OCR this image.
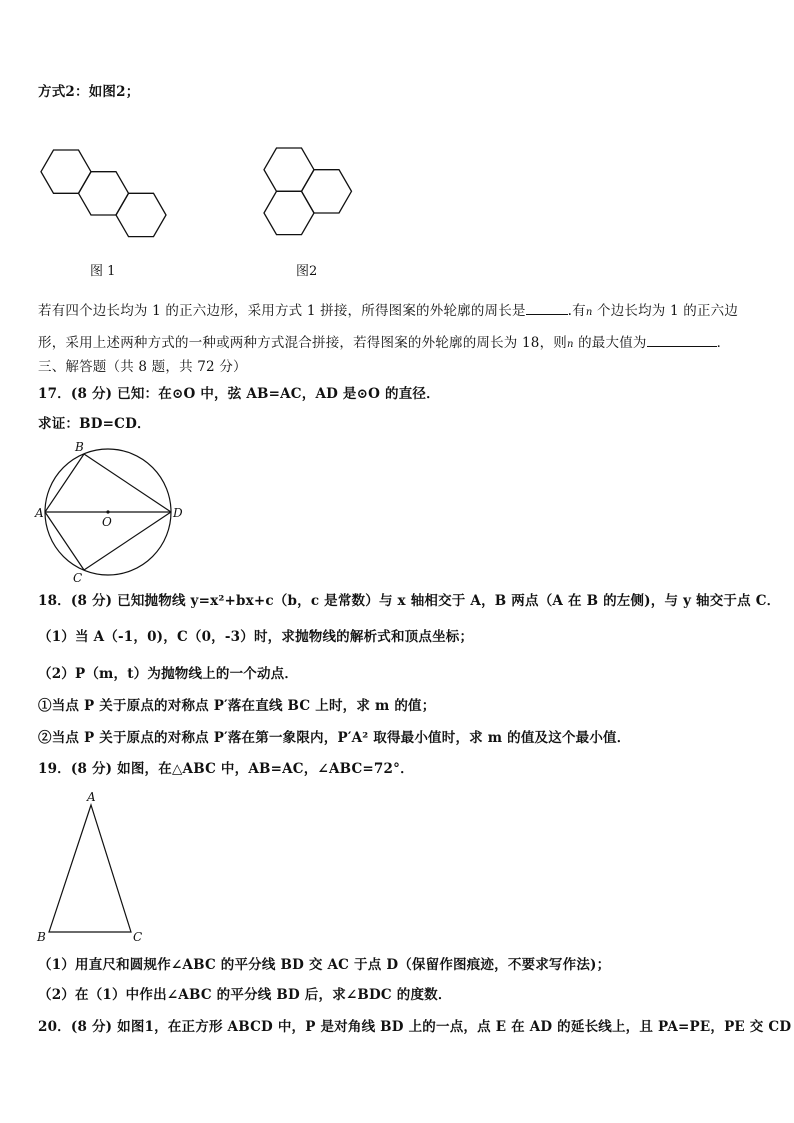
方式2：如图2；
图 1	图2
若有四个边长均为 1 的正六边形，采用方式 1 拼接，所得图案的外轮廓的周长是	.有n 个边长均为 1 的正六边
形，采用上述两种方式的一种或两种方式混合拼接，若得图案的外轮廓的周长为 18，则n 的最大值为	．
三、解答题（共 8 题，共 72 分）
17．(8 分) 已知：在⊙O 中，弦 AB=AC，AD 是⊙O 的直径．
求证：BD=CD．
A
B
C
D
O
18．(8 分) 已知抛物线 y=x²+bx+c（b，c 是常数）与 x 轴相交于 A，B 两点（A 在 B 的左侧)，与 y 轴交于点 C．
（1）当 A（-1，0)，C（0，-3）时，求抛物线的解析式和顶点坐标；
（2）P（m，t）为抛物线上的一个动点．
①当点 P 关于原点的对称点 P′落在直线 BC 上时，求 m 的值；
②当点 P 关于原点的对称点 P′落在第一象限内，P′A² 取得最小值时，求 m 的值及这个最小值．
19．(8 分) 如图，在△ABC 中，AB=AC，∠ABC=72°．
A
B	C
（1）用直尺和圆规作∠ABC 的平分线 BD 交 AC 于点 D（保留作图痕迹，不要求写作法)；
（2）在（1）中作出∠ABC 的平分线 BD 后，求∠BDC 的度数．
20．(8 分) 如图1，在正方形 ABCD 中，P 是对角线 BD 上的一点，点 E 在 AD 的延长线上，且 PA=PE，PE 交 CD
